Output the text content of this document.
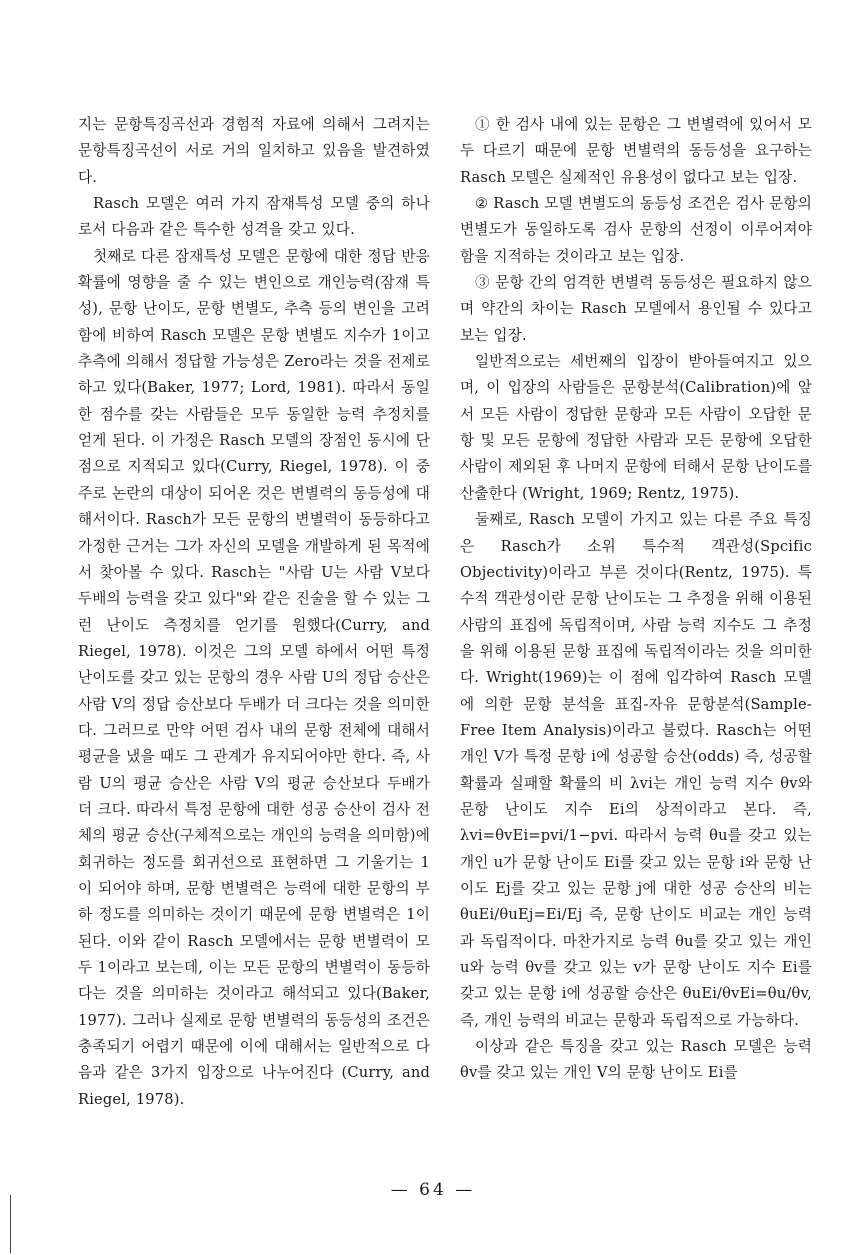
지는 문항특징곡선과 경험적 자료에 의해서 그려지는 문항특징곡선이 서로 거의 일치하고 있음을 발견하였다.

Rasch 모델은 여러 가지 잠재특성 모델 중의 하나로서 다음과 같은 특수한 성격을 갖고 있다.

첫째로 다른 잠재특성 모델은 문항에 대한 정답 반응 확률에 영향을 줄 수 있는 변인으로 개인능력(잠재 특성), 문항 난이도, 문항 변별도, 추측 등의 변인을 고려함에 비하여 Rasch 모델은 문항 변별도 지수가 1이고 추측에 의해서 정답할 가능성은 Zero라는 것을 전제로 하고 있다(Baker, 1977; Lord, 1981). 따라서 동일한 점수를 갖는 사람들은 모두 동일한 능력 추정치를 얻게 된다. 이 가정은 Rasch 모델의 장점인 동시에 단점으로 지적되고 있다(Curry, Riegel, 1978). 이 중 주로 논란의 대상이 되어온 것은 변별력의 동등성에 대해서이다. Rasch가 모든 문항의 변별력이 동등하다고 가정한 근거는 그가 자신의 모델을 개발하게 된 목적에서 찾아볼 수 있다. Rasch는 "사람 U는 사람 V보다 두배의 능력을 갖고 있다"와 같은 진술을 할 수 있는 그런 난이도 측정치를 얻기를 원했다(Curry, and Riegel, 1978). 이것은 그의 모델 하에서 어떤 특정 난이도를 갖고 있는 문항의 경우 사람 U의 정답 승산은 사람 V의 정답 승산보다 두배가 더 크다는 것을 의미한다. 그러므로 만약 어떤 검사 내의 문항 전체에 대해서 평균을 냈을 때도 그 관계가 유지되어야만 한다. 즉, 사람 U의 평균 승산은 사람 V의 평균 승산보다 두배가 더 크다. 따라서 특정 문항에 대한 성공 승산이 검사 전체의 평균 승산(구체적으로는 개인의 능력을 의미함)에 회귀하는 정도를 회귀선으로 표현하면 그 기울기는 1이 되어야 하며, 문항 변별력은 능력에 대한 문항의 부하 정도를 의미하는 것이기 때문에 문항 변별력은 1이 된다. 이와 같이 Rasch 모델에서는 문항 변별력이 모두 1이라고 보는데, 이는 모든 문항의 변별력이 동등하다는 것을 의미하는 것이라고 해석되고 있다(Baker, 1977). 그러나 실제로 문항 변별력의 동등성의 조건은 충족되기 어렵기 때문에 이에 대해서는 일반적으로 다음과 같은 3가지 입장으로 나누어진다 (Curry, and Riegel, 1978).

① 한 검사 내에 있는 문항은 그 변별력에 있어서 모두 다르기 때문에 문항 변별력의 동등성을 요구하는 Rasch 모델은 실제적인 유용성이 없다고 보는 입장.

② Rasch 모델 변별도의 동등성 조건은 검사 문항의 변별도가 동일하도록 검사 문항의 선정이 이루어져야 함을 지적하는 것이라고 보는 입장.

③ 문항 간의 엄격한 변별력 동등성은 필요하지 않으며 약간의 차이는 Rasch 모델에서 용인될 수 있다고 보는 입장.

일반적으로는 세번째의 입장이 받아들여지고 있으며, 이 입장의 사람들은 문항분석(Calibration)에 앞서 모든 사람이 정답한 문항과 모든 사람이 오답한 문항 및 모든 문항에 정답한 사람과 모든 문항에 오답한 사람이 제외된 후 나머지 문항에 터해서 문항 난이도를 산출한다 (Wright, 1969; Rentz, 1975).

둘째로, Rasch 모델이 가지고 있는 다른 주요 특징은 Rasch가 소위 특수적 객관성(Spcific Objectivity)이라고 부른 것이다(Rentz, 1975). 특수적 객관성이란 문항 난이도는 그 추정을 위해 이용된 사람의 표집에 독립적이며, 사람 능력 지수도 그 추정을 위해 이용된 문항 표집에 독립적이라는 것을 의미한다. Wright(1969)는 이 점에 입각하여 Rasch 모델에 의한 문항 분석을 표집-자유 문항분석(Sample-Free Item Analysis)이라고 불렀다. Rasch는 어떤 개인 V가 특정 문항 i에 성공할 승산(odds) 즉, 성공할 확률과 실패할 확률의 비 λvi는 개인 능력 지수 θv와 문항 난이도 지수 Ei의 상적이라고 본다. 즉, λvi=θvEi=pvi/1−pvi. 따라서 능력 θu를 갖고 있는 개인 u가 문항 난이도 Ei를 갖고 있는 문항 i와 문항 난이도 Ej를 갖고 있는 문항 j에 대한 성공 승산의 비는 θuEi/θuEj=Ei/Ej 즉, 문항 난이도 비교는 개인 능력과 독립적이다. 마찬가지로 능력 θu를 갖고 있는 개인 u와 능력 θv를 갖고 있는 v가 문항 난이도 지수 Ei를 갖고 있는 문항 i에 성공할 승산은 θuEi/θvEi=θu/θv, 즉, 개인 능력의 비교는 문항과 독립적으로 가능하다.

이상과 같은 특징을 갖고 있는 Rasch 모델은 능력 θv를 갖고 있는 개인 V의 문항 난이도 Ei를

— 64 —
